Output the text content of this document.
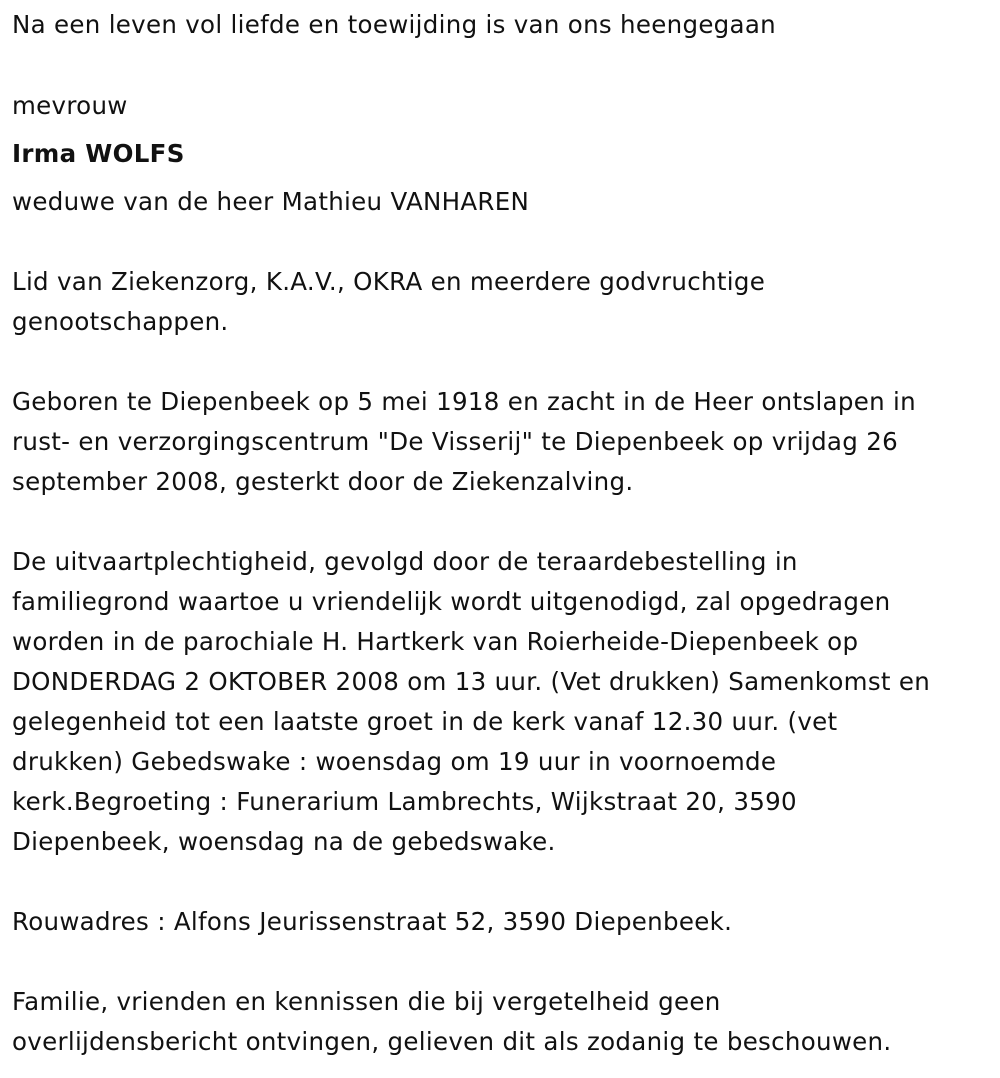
Na een leven vol liefde en toewijding is van ons heengegaan
mevrouw
Irma WOLFS
weduwe van de heer Mathieu VANHAREN
Lid van Ziekenzorg, K.A.V., OKRA en meerdere godvruchtige
genootschappen.
Geboren te Diepenbeek op 5 mei 1918 en zacht in de Heer ontslapen in
rust- en verzorgingscentrum "De Visserij" te Diepenbeek op vrijdag 26
september 2008, gesterkt door de Ziekenzalving.
De uitvaartplechtigheid, gevolgd door de teraardebestelling in
familiegrond waartoe u vriendelijk wordt uitgenodigd, zal opgedragen
worden in de parochiale H. Hartkerk van Roierheide-Diepenbeek op
DONDERDAG 2 OKTOBER 2008 om 13 uur. (Vet drukken) Samenkomst en
gelegenheid tot een laatste groet in de kerk vanaf 12.30 uur. (vet
drukken) Gebedswake : woensdag om 19 uur in voornoemde
kerk.Begroeting : Funerarium Lambrechts, Wijkstraat 20, 3590
Diepenbeek, woensdag na de gebedswake.
Rouwadres : Alfons Jeurissenstraat 52, 3590 Diepenbeek.
Familie, vrienden en kennissen die bij vergetelheid geen
overlijdensbericht ontvingen, gelieven dit als zodanig te beschouwen.
